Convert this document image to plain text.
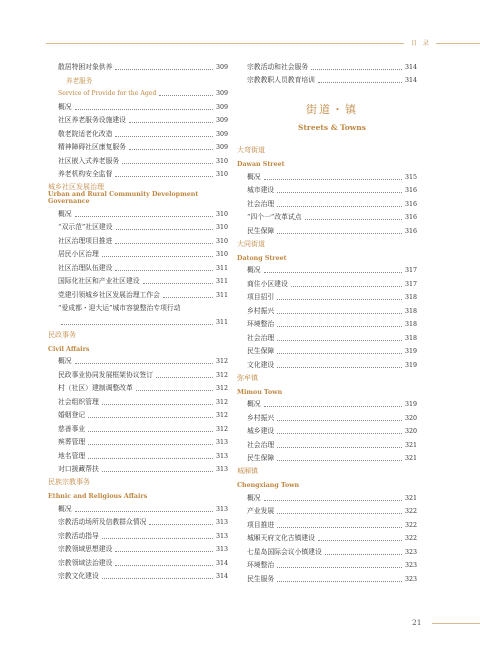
目 录
散居特困对象供养	309
养老服务
Service of Provide for the Aged	309
概况	309
社区养老服务设施建设	309
敬老院适老化改造	309
精神障碍社区康复服务	309
社区嵌入式养老服务	310
养老机构安全监督	310
城乡社区发展治理
Urban and Rural Community Development Governance
概况	310
“双示范”社区建设	310
社区治理项目推进	310
居民小区治理	310
社区治理队伍建设	311
国际化社区和产业社区建设	311
党建引领城乡社区发展治理工作会	311
“爱成都・迎大运”城市容貌整治专项行动
311
民政事务
Civil Affairs
概况	312
民政事业协同发展框架协议签订	312
村（社区）建制调整改革	312
社会组织管理	312
婚姻登记	312
慈善事业	312
殡葬管理	313
地名管理	313
对口援藏帮扶	313
民族宗教事务
Ethnic and Religious Affairs
概况	313
宗教活动场所及信教群众情况	313
宗教活动指导	313
宗教领域思想建设	313
宗教领域法治建设	314
宗教文化建设	314
宗教活动和社会服务	314
宗教教职人员教育培训	314
街道・镇
Streets & Towns
大弯街道
Dawan Street
概况	315
城市建设	316
社会治理	316
“四个一”改革试点	316
民生保障	316
大同街道
Datong Street
概况	317
商住小区建设	317
项目招引	318
乡村振兴	318
环境整治	318
社会治理	318
民生保障	319
文化建设	319
弥牟镇
Mimou Town
概况	319
乡村振兴	320
城乡建设	320
社会治理	321
民生保障	321
城厢镇
Chengxiang Town
概况	321
产业发展	322
项目推进	322
城厢天府文化古镇建设	322
七星岛国际会议小镇建设	323
环境整治	323
民生服务	323
21
